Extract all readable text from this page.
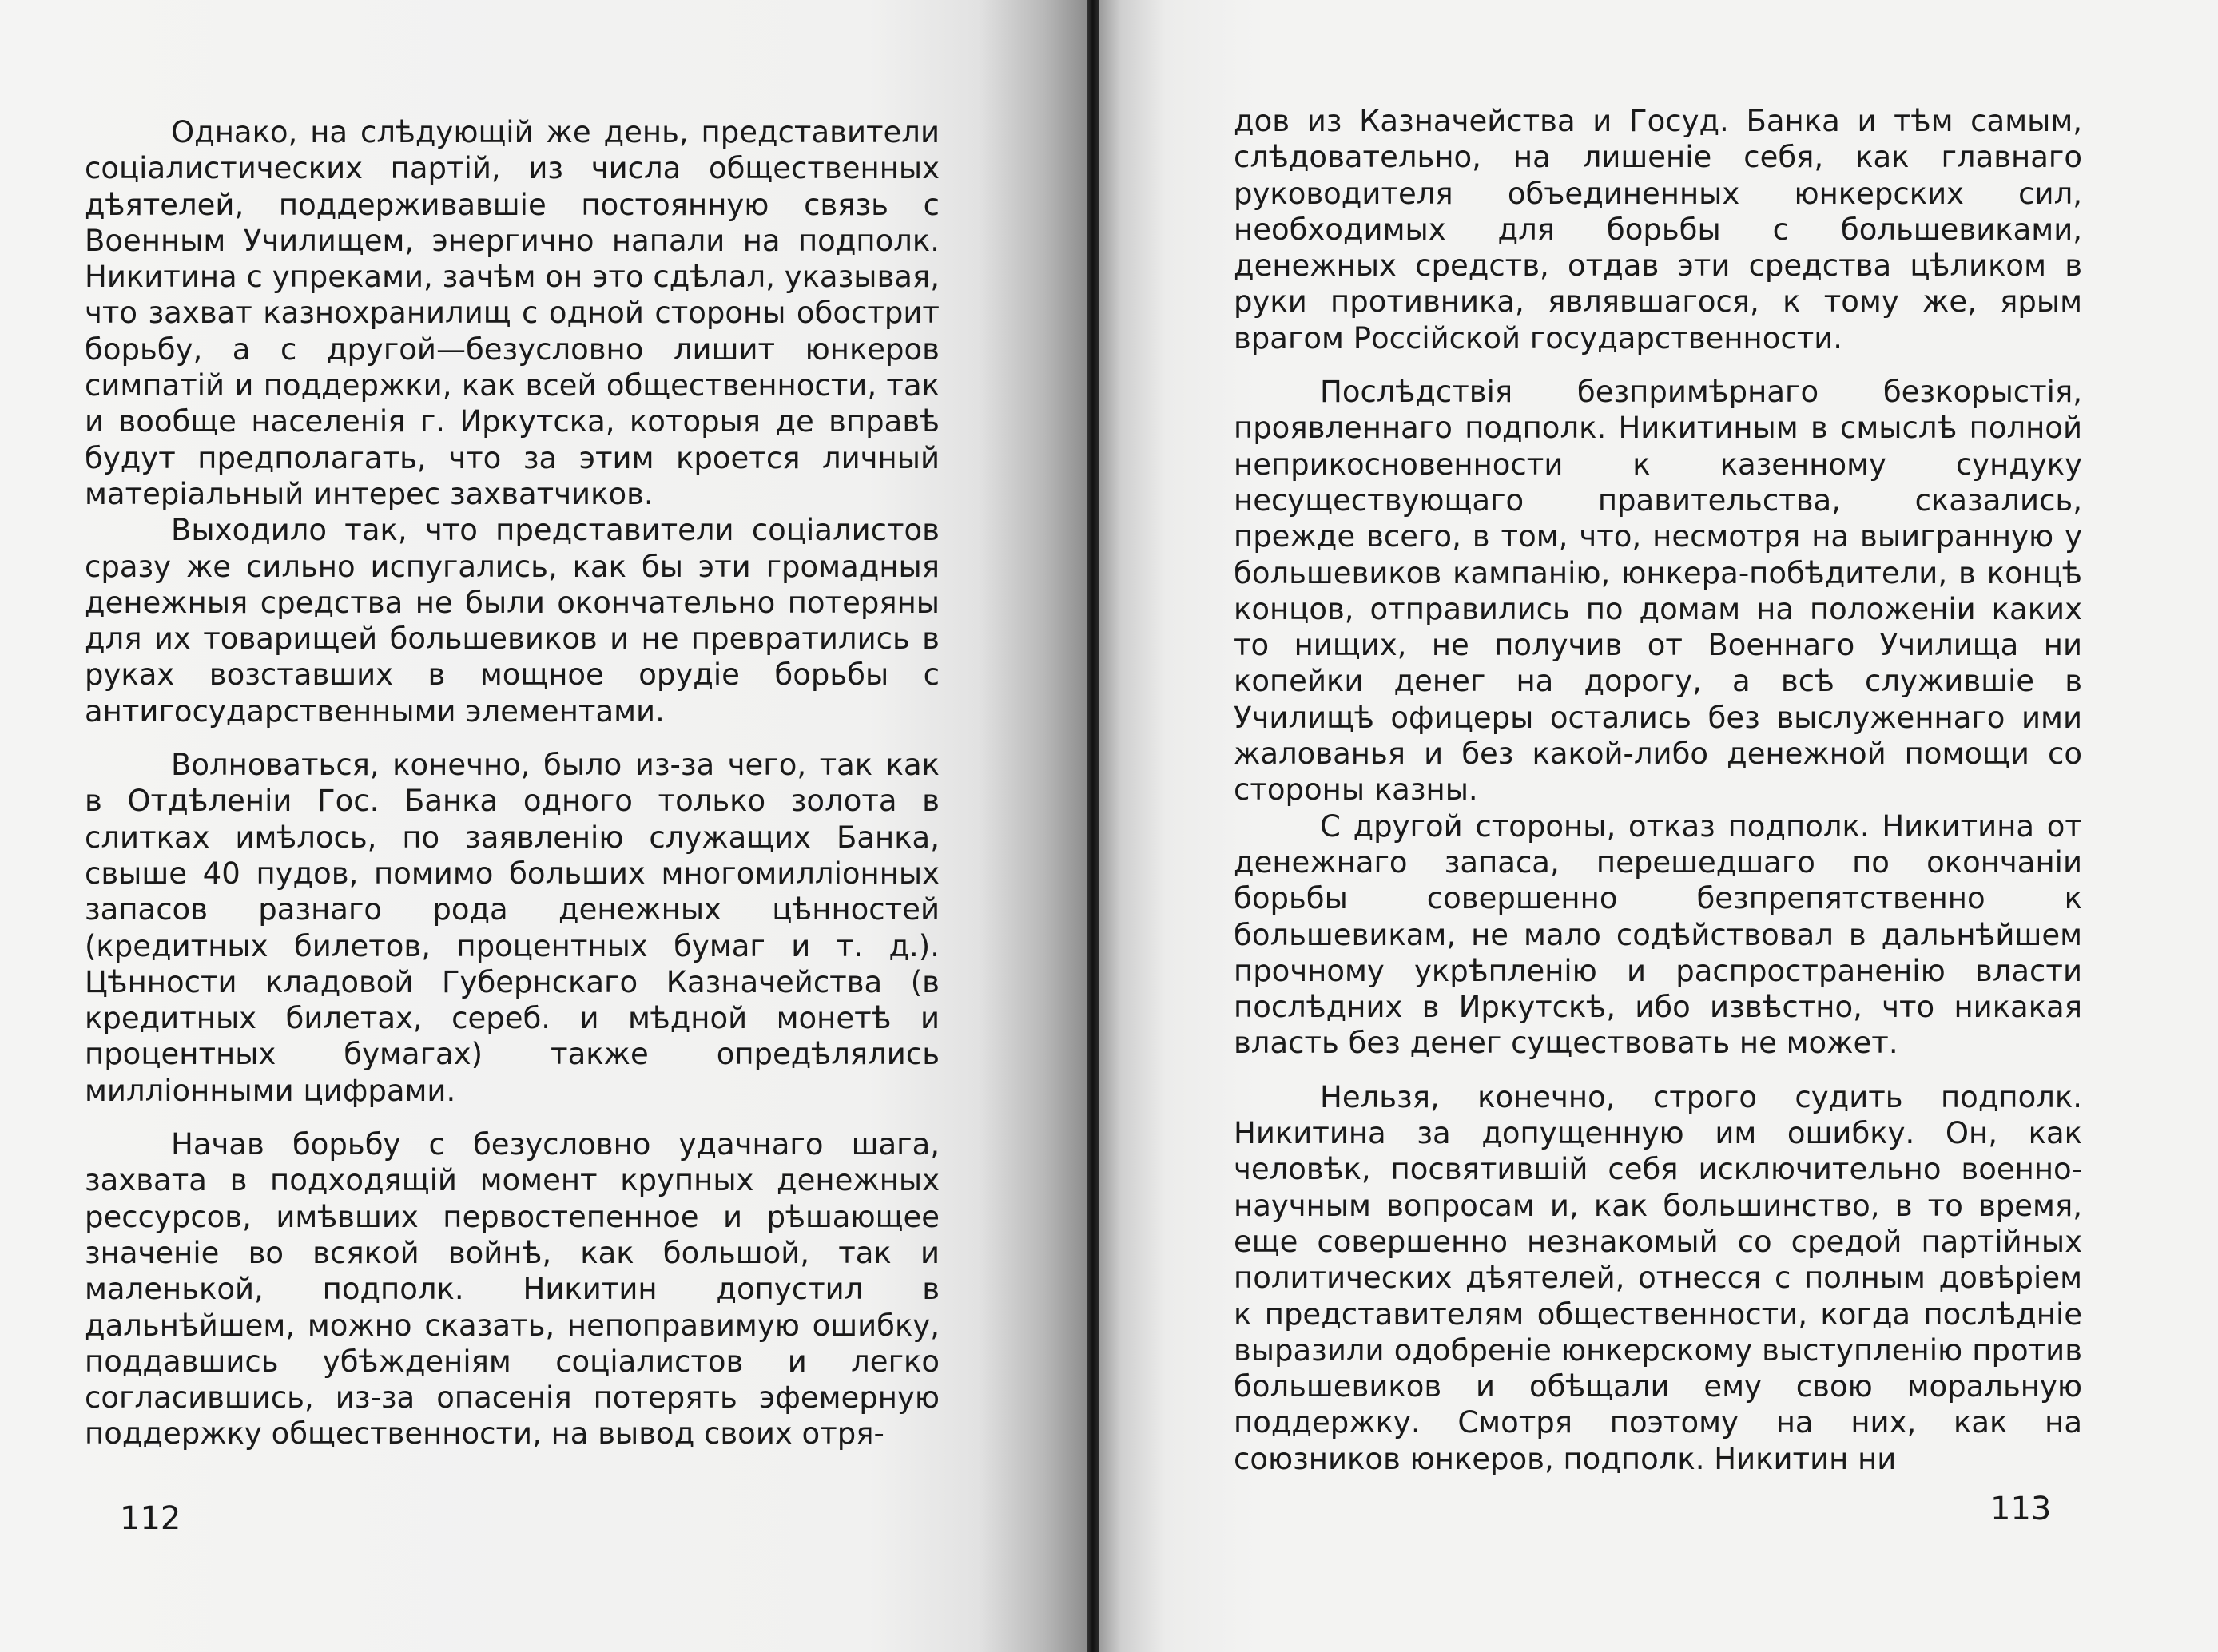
Однако, на слѣдующій же день, представители соціалистических партій, из числа общественных дѣятелей, поддерживавшіе постоянную связь с Военным Училищем, энергично напали на подполк. Никитина с упреками, зачѣм он это сдѣлал, указывая, что захват казнохранилищ с одной стороны обострит борьбу, а с другой—безусловно лишит юнкеров симпатій и поддержки, как всей общественности, так и вообще населенія г. Иркутска, которыя де вправѣ будут предполагать, что за этим кроется личный матеріальный интерес захватчиков.

Выходило так, что представители соціалистов сразу же сильно испугались, как бы эти громадныя денежныя средства не были окончательно потеряны для их товарищей большевиков и не превратились в руках возставших в мощное орудіе борьбы с антигосударственными элементами.

Волноваться, конечно, было из-за чего, так как в Отдѣленіи Гос. Банка одного только золота в слитках имѣлось, по заявленію служащих Банка, свыше 40 пудов, помимо больших многомилліонных запасов разнаго рода денежных цѣнностей (кредитных билетов, процентных бумаг и т. д.). Цѣнности кладовой Губернскаго Казначейства (в кредитных билетах, сереб. и мѣдной монетѣ и процентных бумагах) также опредѣлялись милліонными цифрами.

Начав борьбу с безусловно удачнаго шага, захвата в подходящій момент крупных денежных рессурсов, имѣвших первостепенное и рѣшающее значеніе во всякой войнѣ, как большой, так и маленькой, подполк. Никитин допустил в дальнѣйшем, можно сказать, непоправимую ошибку, поддавшись убѣжденіям соціалистов и легко согласившись, из-за опасенія потерять эфемерную поддержку общественности, на вывод своих отря-

112

дов из Казначейства и Госуд. Банка и тѣм самым, слѣдовательно, на лишеніе себя, как главнаго руководителя объединенных юнкерских сил, необходимых для борьбы с большевиками, денежных средств, отдав эти средства цѣликом в руки противника, являвшагося, к тому же, ярым врагом Россійской государственности.

Послѣдствія безпримѣрнаго безкорыстія, проявленнаго подполк. Никитиным в смыслѣ полной неприкосновенности к казенному сундуку несуществующаго правительства, сказались, прежде всего, в том, что, несмотря на выигранную у большевиков кампанію, юнкера-побѣдители, в концѣ концов, отправились по домам на положеніи каких то нищих, не получив от Военнаго Училища ни копейки денег на дорогу, а всѣ служившіе в Училищѣ офицеры остались без выслуженнаго ими жалованья и без какой-либо денежной помощи со стороны казны.

С другой стороны, отказ подполк. Никитина от денежнаго запаса, перешедшаго по окончаніи борьбы совершенно безпрепятственно к большевикам, не мало содѣйствовал в дальнѣйшем прочному укрѣпленію и распространенію власти послѣдних в Иркутскѣ, ибо извѣстно, что никакая власть без денег существовать не может.

Нельзя, конечно, строго судить подполк. Никитина за допущенную им ошибку. Он, как человѣк, посвятившій себя исключительно военно-научным вопросам и, как большинство, в то время, еще совершенно незнакомый со средой партійных политических дѣятелей, отнесся с полным довѣріем к представителям общественности, когда послѣдніе выразили одобреніе юнкерскому выступленію против большевиков и обѣщали ему свою моральную поддержку. Смотря поэтому на них, как на союзников юнкеров, подполк. Никитин ни

113
